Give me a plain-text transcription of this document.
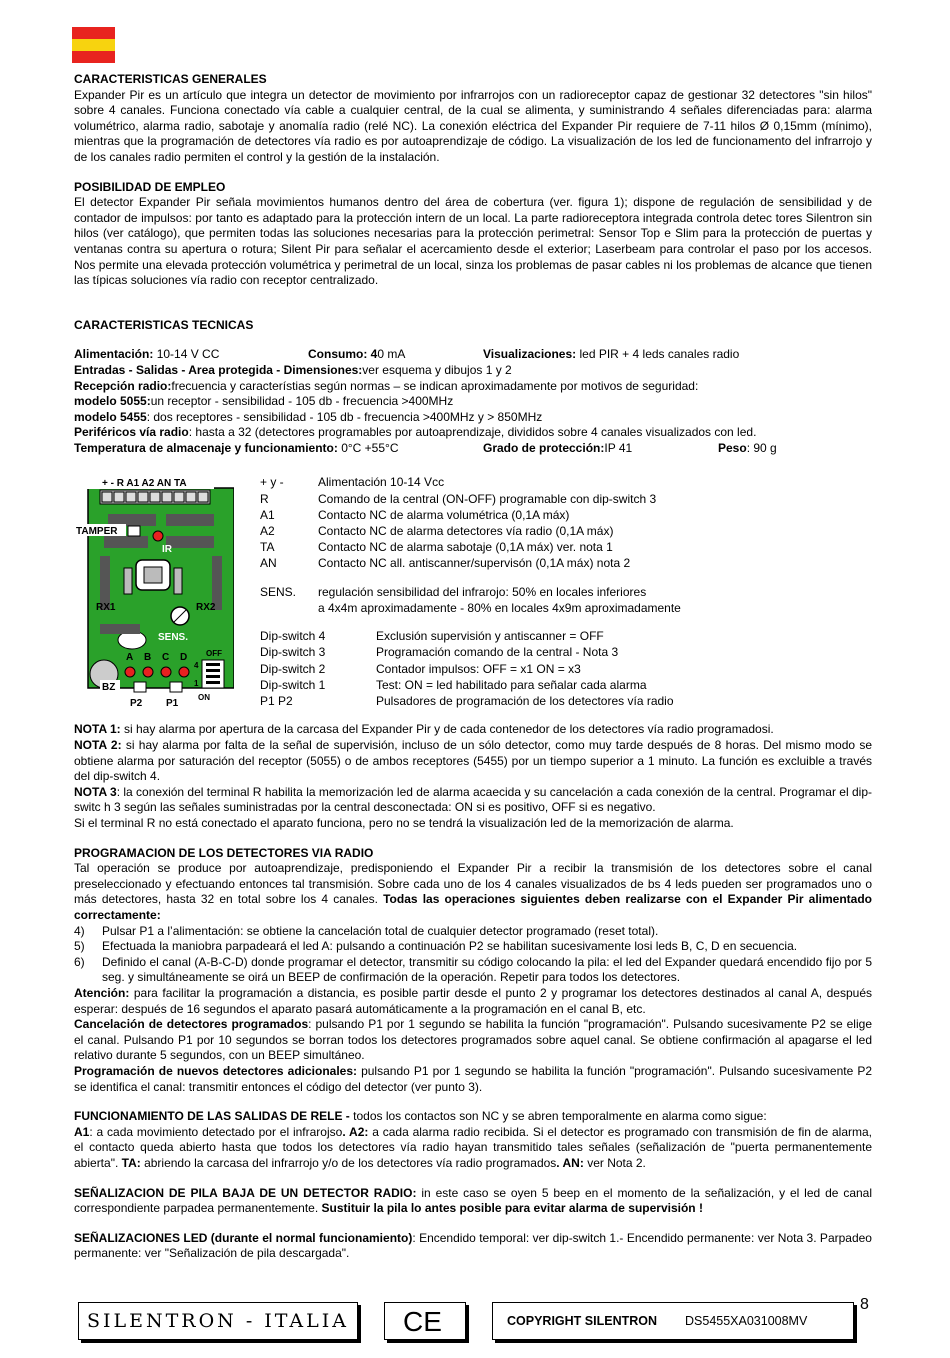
CARACTERISTICAS GENERALES

Expander Pir es un artículo que integra un detector de movimiento por infrarrojos con un radioreceptor capaz de gestionar 32 detectores "sin hilos" sobre 4 canales. Funciona conectado vía cable a cualquier central, de la cual se alimenta, y suministrando 4 señales diferenciadas para: alarma volumétrico, alarma radio, sabotaje y anomalía radio (relé NC). La conexión eléctrica del Expander Pir requiere de 7-11 hilos Ø 0,15mm (mínimo), mientras que la programación de detectores vía radio es por autoaprendizaje de código. La visualización de los led de funcionamento del infrarrojo y de los canales radio permiten el control y la gestión de la instalación.

POSIBILIDAD DE EMPLEO

El detector Expander Pir señala movimientos humanos dentro del área de cobertura (ver. figura 1); dispone de regulación de sensibilidad y de contador de impulsos: por tanto es adaptado para la protección intern de un local. La parte radioreceptora integrada controla detec tores Silentron sin hilos (ver catálogo), que permiten todas las soluciones necesarias para la protección perimetral: Sensor Top e Slim para la protección de puertas y ventanas contra su apertura o rotura; Silent Pir para señalar el acercamiento desde el exterior; Laserbeam para controlar el paso por los accesos. Nos permite una elevada protección volumétrica y perimetral de un local, sinza los problemas de pasar cables ni los problemas de alcance que tienen las típicas soluciones vía radio con receptor centralizado.

CARACTERISTICAS TECNICAS

Alimentación: 10-14 V CC	Consumo: 40 mA	Visualizaciones: led PIR + 4 leds canales radio
Entradas - Salidas - Area protegida - Dimensiones: ver esquema y dibujos 1 y 2
Recepción radio: frecuencia y característias según normas – se indican aproximadamente por motivos de seguridad:
modelo 5055: un receptor - sensibilidad - 105 db - frecuencia >400MHz
modelo 5455 : dos receptores - sensibilidad - 105 db - frecuencia >400MHz y > 850MHz
Periféricos vía radio : hasta a 32 (detectores programables por autoaprendizaje, divididos sobre 4 canales visualizados con led.
Temperatura de almacenaje y funcionamiento: 0°C +55°C	Grado de protección:IP 41	Peso: 90 g
+ - R A1 A2 AN TA
TAMPER
IR
RX1	RX2
SENS.
OFF
A B C D
4
1
BZ
P2 P1
ON
+ y -	Alimentación 10-14 Vcc
R	Comando de la central (ON-OFF) programable con dip-switch 3
A1	Contacto NC de alarma volumétrica (0,1A máx)
A2	Contacto NC de alarma detectores vía radio (0,1A máx)
TA	Contacto NC de alarma sabotaje (0,1A máx) ver. nota 1
AN	Contacto NC all. antiscanner/supervisón (0,1A máx) nota 2
SENS.	regulación sensibilidad del infrarojo: 50% en locales inferiores
a 4x4m aproximadamente - 80% en locales 4x9m aproximadamente
Dip-switch 4	Exclusión supervisión y antiscanner = OFF
Dip-switch 3	Programación comando de la central - Nota 3
Dip-switch 2	Contador impulsos: OFF = x1 ON = x3
Dip-switch 1	Test: ON = led habilitado para señalar cada alarma
P1 P2	Pulsadores de programación de los detectores vía radio

NOTA 1: si hay alarma por apertura de la carcasa del Expander Pir y de cada contenedor de los detectores vía radio programadosi.

NOTA 2: si hay alarma por falta de la señal de supervisión, incluso de un sólo detector, como muy tarde después de 8 horas. Del mismo modo se obtiene alarma por saturación del receptor (5055) o de ambos receptores (5455) por un tiempo superior a 1 minuto. La función es excluible a través del dip-switch 4.

NOTA 3: la conexión del terminal R habilita la memorización led de alarma acaecida y su cancelación a cada conexión de la central. Programar el dip-switc h 3 según las señales suministradas por la central desconectada: ON si es positivo, OFF si es negativo.

Si el terminal R no está conectado el aparato funciona, pero no se tendrá la visualización led de la memorización de alarma.

PROGRAMACION DE LOS DETECTORES VIA RADIO

Tal operación se produce por autoaprendizaje, predisponiendo el Expander Pir a recibir la transmisión de los detectores sobre el canal preseleccionado y efectuando entonces tal transmisión. Sobre cada uno de los 4 canales visualizados de bs 4 leds pueden ser programados uno o más detectores, hasta 32 en total sobre los 4 canales. Todas las operaciones siguientes deben realizarse con el Expander Pir alimentado correctamente:

4)	Pulsar P1 a l’alimentación: se obtiene la cancelación total de cualquier detector programado (reset total).
5)	Efectuada la maniobra parpadeará el led A: pulsando a continuación P2 se habilitan sucesivamente losi leds B, C, D en secuencia.
6)	Definido el canal (A-B-C-D) donde programar el detector, transmitir su código colocando la pila: el led del Expander quedará encendido fijo por 5 seg. y simultáneamente se oirá un BEEP de confirmación de la operación. Repetir para todos los detectores.

Atención: para facilitar la programación a distancia, es posible partir desde el punto 2 y programar los detectores destinados al canal A, después esperar: después de 16 segundos el aparato pasará automáticamente a la programación en el canal B, etc.

Cancelación de detectores programados: pulsando P1 por 1 segundo se habilita la función "programación". Pulsando sucesivamente P2 se elige el canal. Pulsando P1 por 10 segundos se borran todos los detectores programados sobre aquel canal. Se obtiene confirmación al apagarse el led relativo durante 5 segundos, con un BEEP simultáneo.

Programación de nuevos detectores adicionales: pulsando P1 por 1 segundo se habilita la función "programación". Pulsando sucesivamente P2 se identifica el canal: transmitir entonces el código del detector (ver punto 3).

FUNCIONAMIENTO DE LAS SALIDAS DE RELE - todos los contactos son NC y se abren temporalmente en alarma como sigue:

A1: a cada movimiento detectado por el infrarojso. A2: a cada alarma radio recibida. Si el detector es programado con transmisión de fin de alarma, el contacto queda abierto hasta que todos los detectores vía radio hayan transmitido tales señales (señalización de "puerta permanentemente abierta". TA: abriendo la carcasa del infrarrojo y/o de los detectores vía radio programados. AN: ver Nota 2.

SEÑALIZACION DE PILA BAJA DE UN DETECTOR RADIO: in este caso se oyen 5 beep en el momento de la señalización, y el led de canal correspondiente parpadea permanentemente. Sustituir la pila lo antes posible para evitar alarma de supervisión !

SEÑALIZACIONES LED (durante el normal funcionamiento): Encendido temporal: ver dip-switch 1.- Encendido permanente: ver Nota 3. Parpadeo permanente: ver "Señalización de pila descargada".

SILENTRON - ITALIA CE	COPYRIGHT SILENTRON	DS5455XA031008MV
8
